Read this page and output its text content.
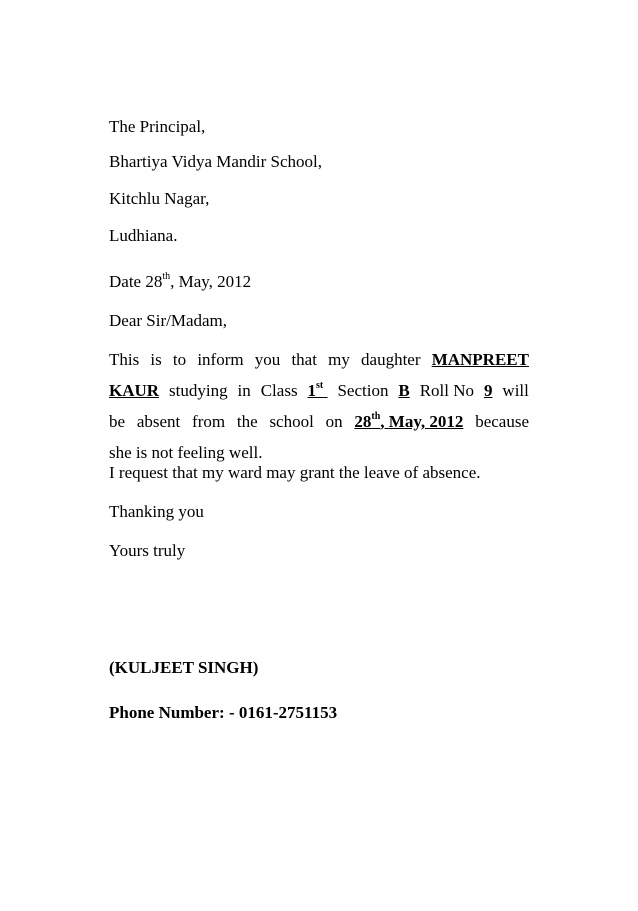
The Principal,

Bhartiya Vidya Mandir School,

Kitchlu Nagar,

Ludhiana.

Date 28th, May, 2012

Dear Sir/Madam,

This is to inform you that my daughter MANPREET
KAUR studying in Class 1st Section B Roll No 9 will
be absent from the school on 28th, May, 2012 because
she is not feeling well.

I request that my ward may grant the leave of absence.

Thanking you

Yours truly

(KULJEET SINGH)

Phone Number: - 0161-2751153
